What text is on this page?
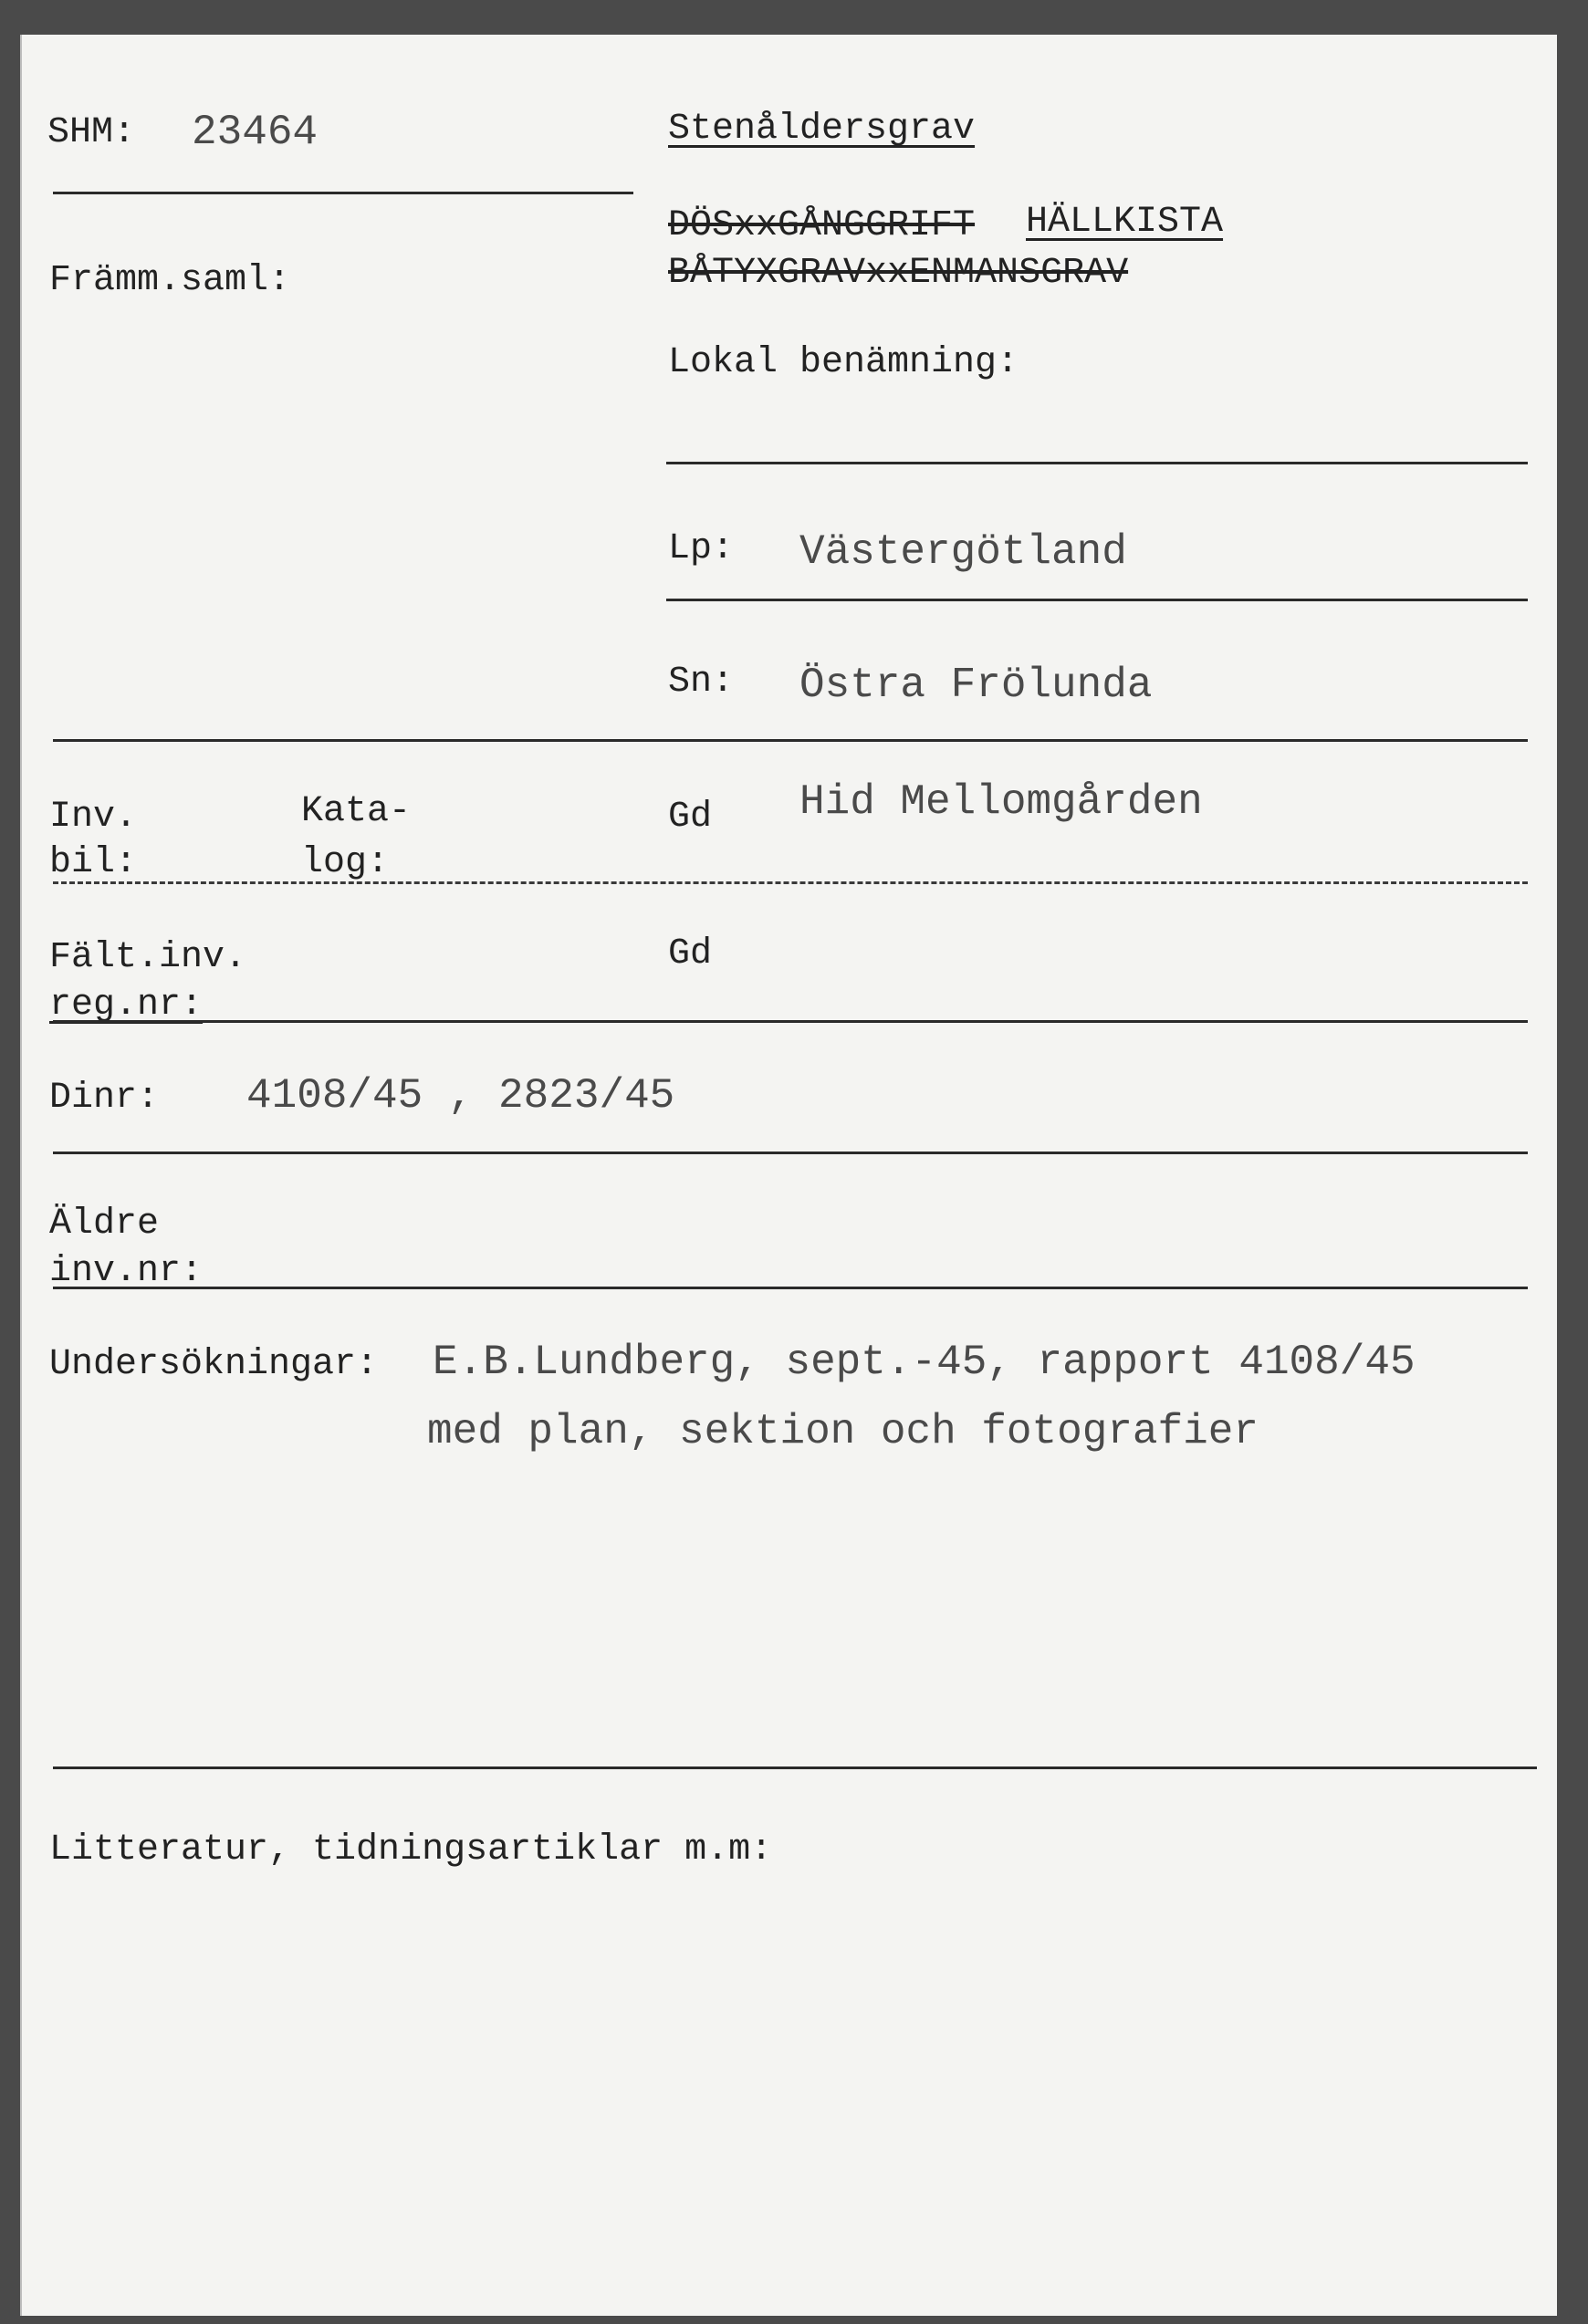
SHM: 23464	Stenåldersgrav
DÖSxxGÅNGGRIFT HÄLLKISTA
BÅTYXGRAVxxENMANSGRAV
Främm.saml:
Lokal benämning:
Lp: Västergötland
Sn: Östra Frölunda
Inv.
bil:
Kata-
log:
Gd Hid Mellomgården
Fält.inv.
reg.nr:
Gd
Dinr: 4108/45 , 2823/45
Äldre
inv.nr:
Undersökningar: E.B.Lundberg, sept.-45, rapport 4108/45
med plan, sektion och fotografier
Litteratur, tidningsartiklar m.m:
